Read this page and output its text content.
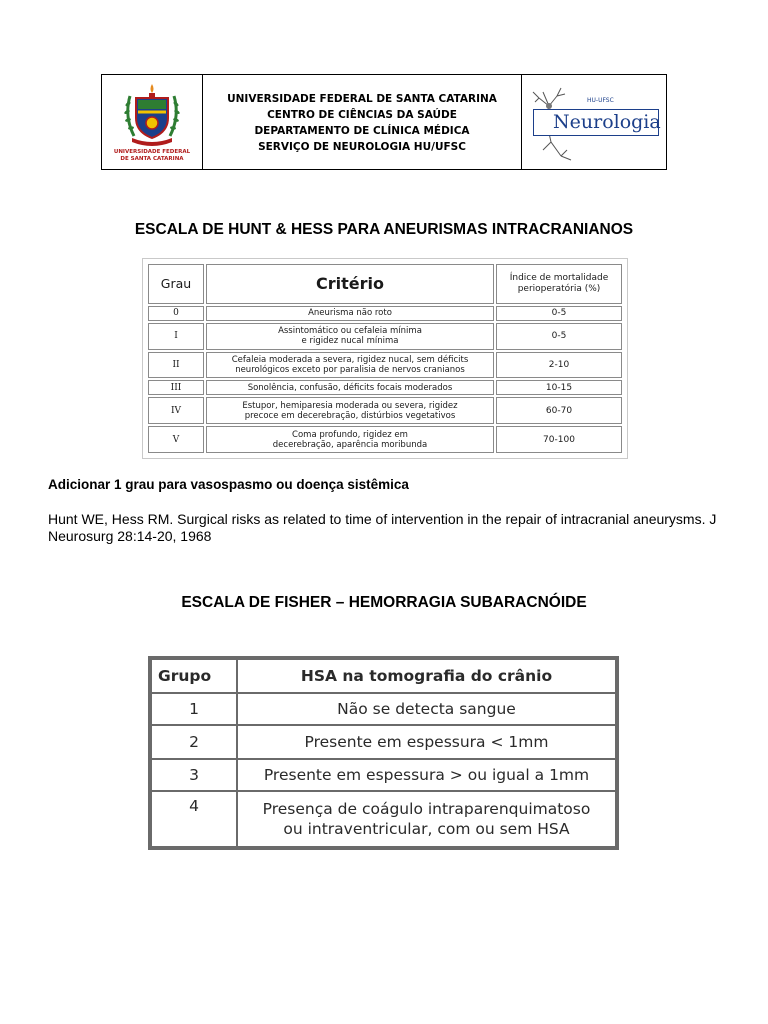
UNIVERSIDADE FEDERAL
DE SANTA CATARINA
UNIVERSIDADE FEDERAL DE SANTA CATARINA
CENTRO DE CIÊNCIAS DA SAÚDE
DEPARTAMENTO DE CLÍNICA MÉDICA
SERVIÇO DE NEUROLOGIA HU/UFSC
HU-UFSC
Neurologia
ESCALA DE HUNT & HESS PARA ANEURISMAS INTRACRANIANOS
Grau	Critério	Índice de mortalidade
perioperatória (%)

0	Aneurisma não roto	0-5
I	Assintomático ou cefaleia mínima
e rigidez nucal mínima	0-5
II	Cefaleia moderada a severa, rigidez nucal, sem déficits
neurológicos exceto por paralisia de nervos cranianos	2-10
III	Sonolência, confusão, déficits focais moderados	10-15
IV	Estupor, hemiparesia moderada ou severa, rigidez
precoce em decerebração, distúrbios vegetativos	60-70
V	Coma profundo, rigidez em
decerebração, aparência moribunda	70-100
Adicionar 1 grau para vasospasmo ou doença sistêmica
Hunt WE, Hess RM. Surgical risks as related to time of intervention in the repair of intracranial aneurysms. J Neurosurg 28:14-20, 1968
ESCALA DE FISHER – HEMORRAGIA SUBARACNÓIDE
Grupo	HSA na tomografia do crânio
1	Não se detecta sangue

2	Presente em espessura < 1mm

3	Presente em espessura > ou igual a 1mm

4	Presença de coágulo intraparenquimatoso
ou intraventricular, com ou sem HSA
